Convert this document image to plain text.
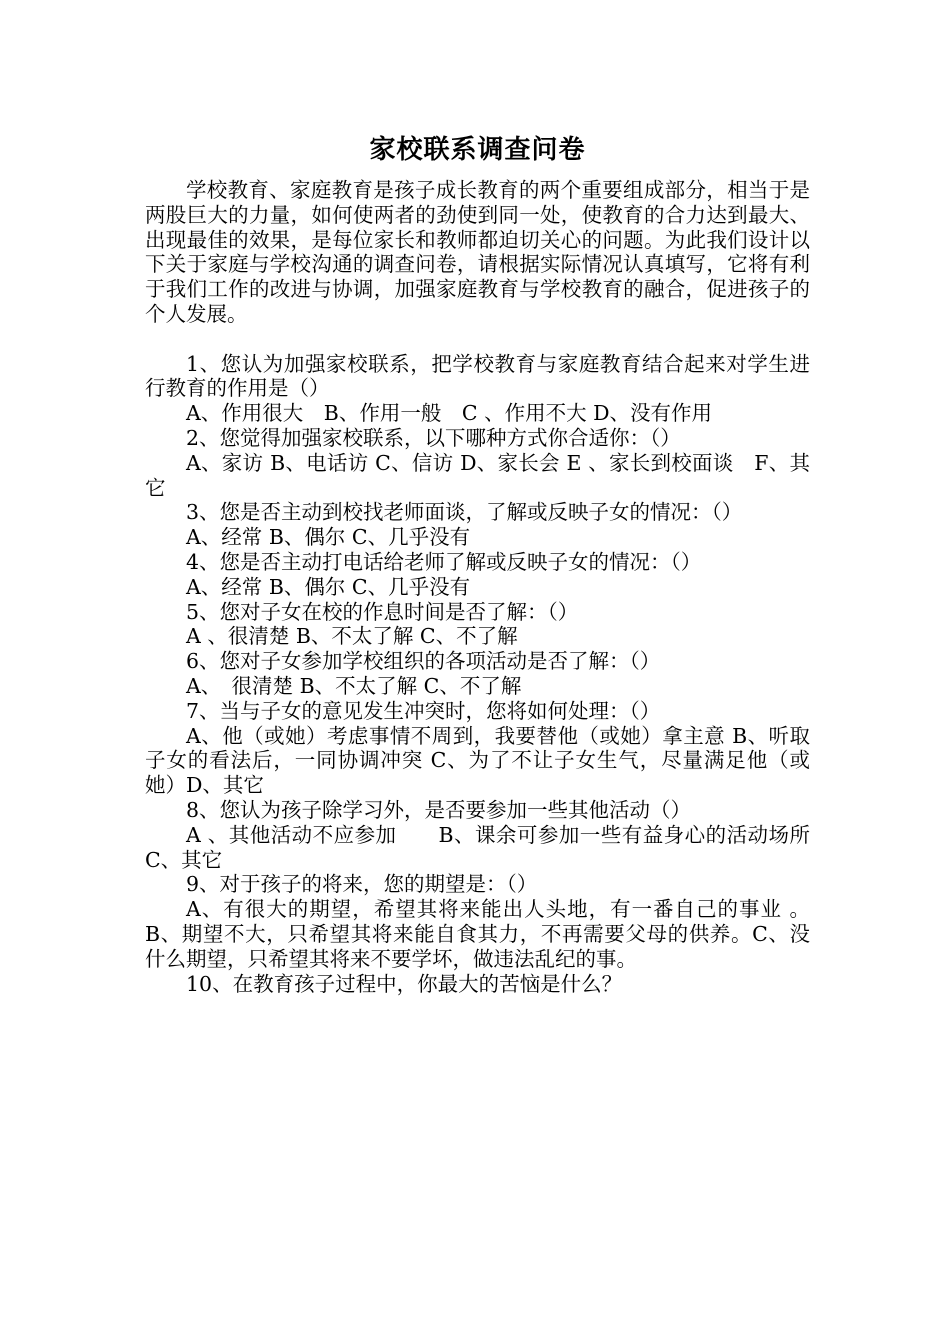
家校联系调查问卷

学校教育、家庭教育是孩子成长教育的两个重要组成部分，相当于是两股巨大的力量，如何使两者的劲使到同一处，使教育的合力达到最大、出现最佳的效果，是每位家长和教师都迫切关心的问题。为此我们设计以下关于家庭与学校沟通的调查问卷，请根据实际情况认真填写，它将有利于我们工作的改进与协调，加强家庭教育与学校教育的融合，促进孩子的个人发展。

1、您认为加强家校联系，把学校教育与家庭教育结合起来对学生进行教育的作用是（）

A、作用很大　B、作用一般　C 、作用不大 D、没有作用

2、您觉得加强家校联系，以下哪种方式你合适你：（）

A、家访 B、电话访 C、信访 D、家长会 E 、家长到校面谈　F、其它

3、您是否主动到校找老师面谈，了解或反映子女的情况：（）

A、经常 B、偶尔 C、几乎没有

4、您是否主动打电话给老师了解或反映子女的情况：（）

A、经常 B、偶尔 C、几乎没有

5、您对子女在校的作息时间是否了解：（）

A 、很清楚 B、不太了解 C、不了解

6、您对子女参加学校组织的各项活动是否了解：（）

A、　很清楚 B、不太了解 C、不了解

7、当与子女的意见发生冲突时，您将如何处理：（）

A、他（或她）考虑事情不周到，我要替他（或她）拿主意 B、听取子女的看法后，一同协调冲突 C、为了不让子女生气，尽量满足他（或她）D、其它

8、您认为孩子除学习外，是否要参加一些其他活动（）

A 、其他活动不应参加　　B、课余可参加一些有益身心的活动场所 C、其它

9、对于孩子的将来，您的期望是：（）

A、有很大的期望，希望其将来能出人头地，有一番自己的事业 。B、期望不大，只希望其将来能自食其力，不再需要父母的供养。C、没什么期望，只希望其将来不要学坏，做违法乱纪的事。

10、在教育孩子过程中，你最大的苦恼是什么？
